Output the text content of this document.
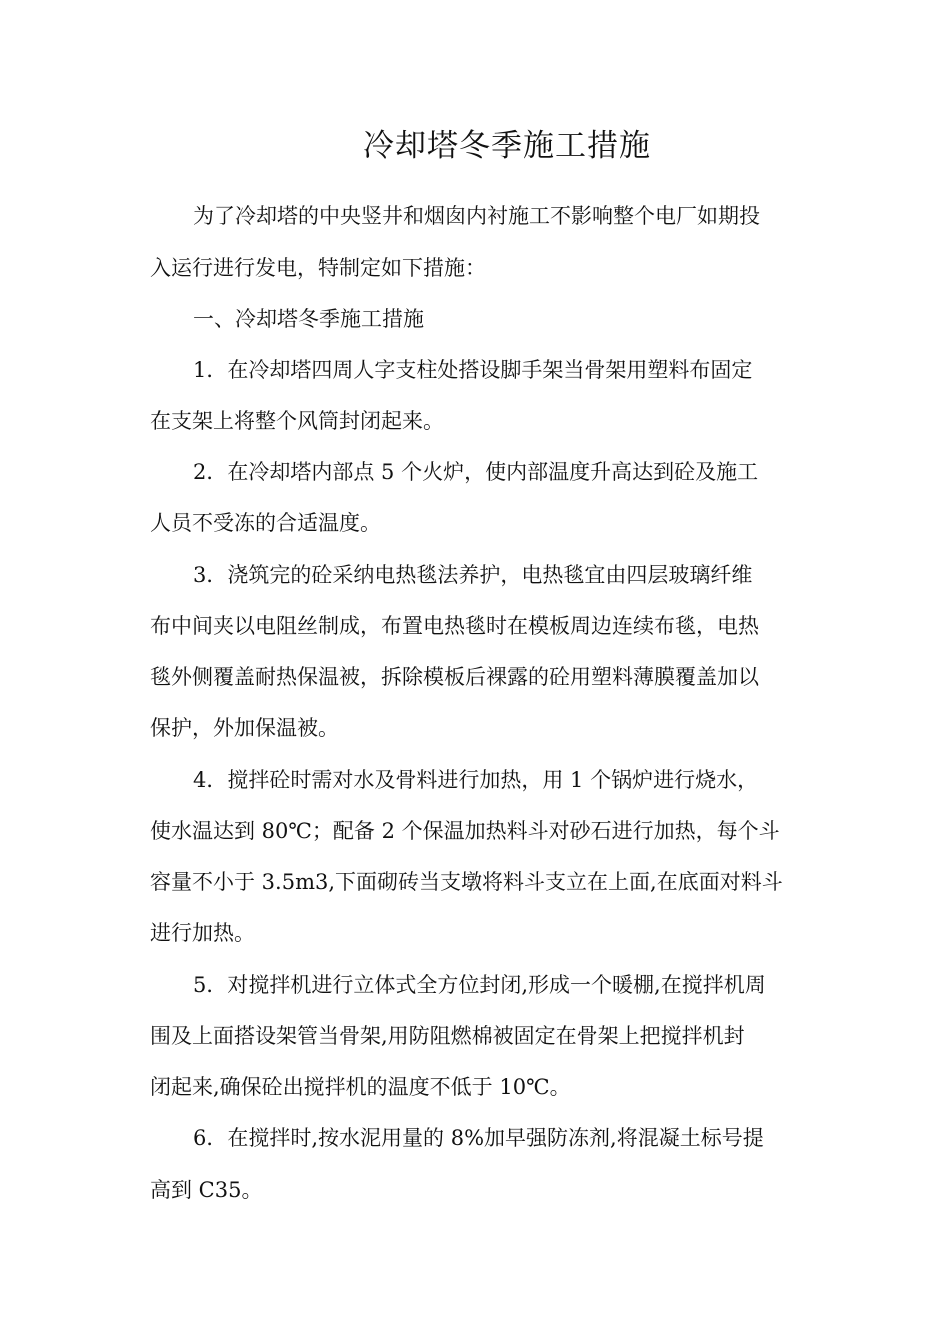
冷却塔冬季施工措施
为了冷却塔的中央竖井和烟囱内衬施工不影响整个电厂如期投
入运行进行发电，特制定如下措施：
一、冷却塔冬季施工措施
1．在冷却塔四周人字支柱处搭设脚手架当骨架用塑料布固定
在支架上将整个风筒封闭起来。
2．在冷却塔内部点 5 个火炉，使内部温度升高达到砼及施工
人员不受冻的合适温度。
3．浇筑完的砼采纳电热毯法养护，电热毯宜由四层玻璃纤维
布中间夹以电阻丝制成，布置电热毯时在模板周边连续布毯，电热
毯外侧覆盖耐热保温被，拆除模板后裸露的砼用塑料薄膜覆盖加以
保护，外加保温被。
4．搅拌砼时需对水及骨料进行加热，用 1 个锅炉进行烧水，
使水温达到 80℃；配备 2 个保温加热料斗对砂石进行加热，每个斗
容量不小于 3.5m3,下面砌砖当支墩将料斗支立在上面,在底面对料斗
进行加热。
5．对搅拌机进行立体式全方位封闭,形成一个暖棚,在搅拌机周
围及上面搭设架管当骨架,用防阻燃棉被固定在骨架上把搅拌机封
闭起来,确保砼出搅拌机的温度不低于 10℃。
6．在搅拌时,按水泥用量的 8%加早强防冻剂,将混凝土标号提
高到 C35。
